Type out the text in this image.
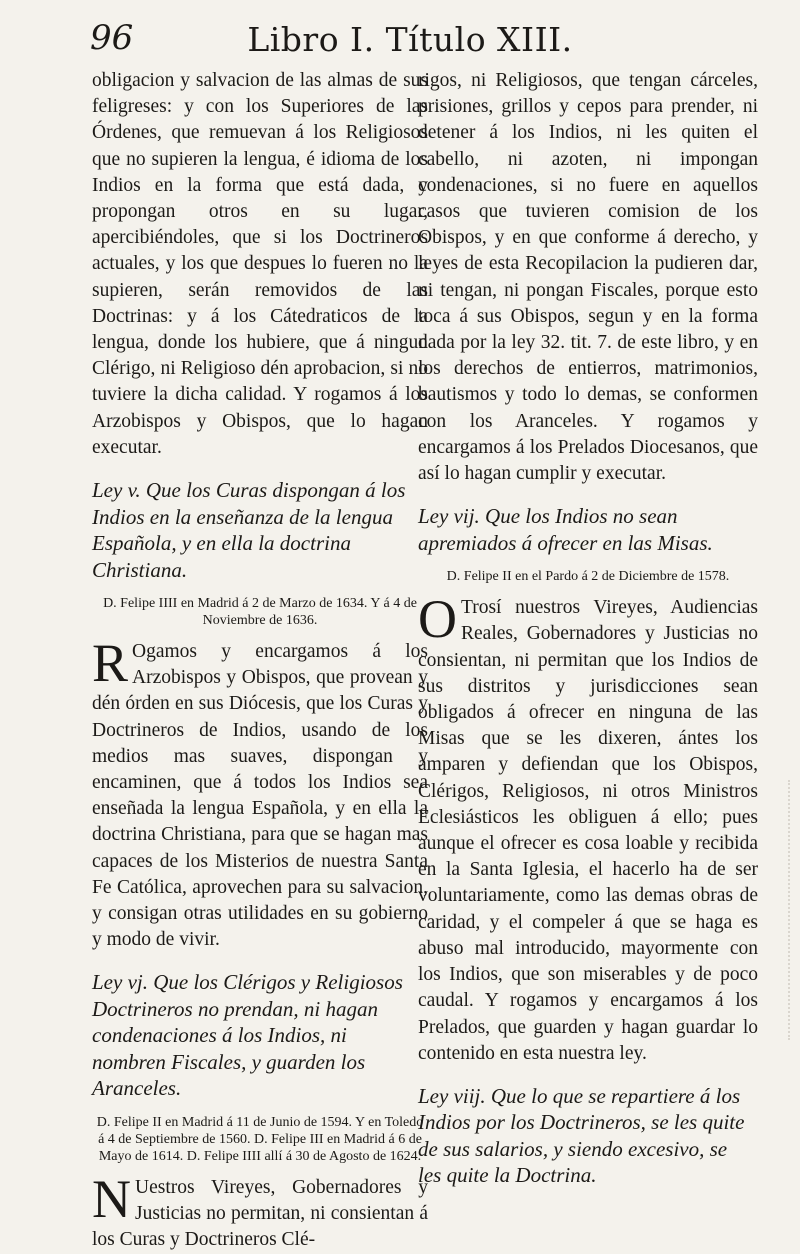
96	Libro I. Título XIII.

obligacion y salvacion de las almas de sus feligreses: y con los Superiores de las Órdenes, que remuevan á los Religiosos que no supieren la lengua, é idioma de los Indios en la forma que está dada, y propongan otros en su lugar, apercibiéndoles, que si los Doctrineros actuales, y los que despues lo fueren no la supieren, serán removidos de las Doctrinas: y á los Cátedraticos de la lengua, donde los hubiere, que á ningun Clérigo, ni Religioso dén aprobacion, si no tuviere la dicha calidad. Y rogamos á los Arzobispos y Obispos, que lo hagan executar.

Ley v. Que los Curas dispongan á los Indios en la enseñanza de la lengua Española, y en ella la doctrina Christiana.

D. Felipe IIII en Madrid á 2 de Marzo de 1634. Y á 4 de Noviembre de 1636.

R Ogamos y encargamos á los Arzobispos y Obispos, que provean y dén órden en sus Diócesis, que los Curas y Doctrineros de Indios, usando de los medios mas suaves, dispongan y encaminen, que á todos los Indios sea enseñada la lengua Española, y en ella la doctrina Christiana, para que se hagan mas capaces de los Misterios de nuestra Santa Fe Católica, aprovechen para su salvacion, y consigan otras utilidades en su gobierno y modo de vivir.

Ley vj. Que los Clérigos y Religiosos Doctrineros no prendan, ni hagan condenaciones á los Indios, ni nombren Fiscales, y guarden los Aranceles.

D. Felipe II en Madrid á 11 de Junio de 1594. Y en Toledo á 4 de Septiembre de 1560. D. Felipe III en Madrid á 6 de Mayo de 1614. D. Felipe IIII allí á 30 de Agosto de 1624.

N Uestros Vireyes, Gobernadores y Justicias no permitan, ni consientan á los Curas y Doctrineros Clé-

rigos, ni Religiosos, que tengan cárceles, prisiones, grillos y cepos para prender, ni detener á los Indios, ni les quiten el cabello, ni azoten, ni impongan condenaciones, si no fuere en aquellos casos que tuvieren comision de los Obispos, y en que conforme á derecho, y leyes de esta Recopilacion la pudieren dar, ni tengan, ni pongan Fiscales, porque esto toca á sus Obispos, segun y en la forma dada por la ley 32. tit. 7. de este libro, y en los derechos de entierros, matrimonios, bautismos y todo lo demas, se conformen con los Aranceles. Y rogamos y encargamos á los Prelados Diocesanos, que así lo hagan cumplir y executar.

Ley vij. Que los Indios no sean apremiados á ofrecer en las Misas.

D. Felipe II en el Pardo á 2 de Diciembre de 1578.

O Trosí nuestros Vireyes, Audiencias Reales, Gobernadores y Justicias no consientan, ni permitan que los Indios de sus distritos y jurisdicciones sean obligados á ofrecer en ninguna de las Misas que se les dixeren, ántes los amparen y defiendan que los Obispos, Clérigos, Religiosos, ni otros Ministros Eclesiásticos les obliguen á ello; pues aunque el ofrecer es cosa loable y recibida en la Santa Iglesia, el hacerlo ha de ser voluntariamente, como las demas obras de caridad, y el compeler á que se haga es abuso mal introducido, mayormente con los Indios, que son miserables y de poco caudal. Y rogamos y encargamos á los Prelados, que guarden y hagan guardar lo contenido en esta nuestra ley.

Ley viij. Que lo que se repartiere á los Indios por los Doctrineros, se les quite de sus salarios, y siendo excesivo, se les quite la Doctrina.
